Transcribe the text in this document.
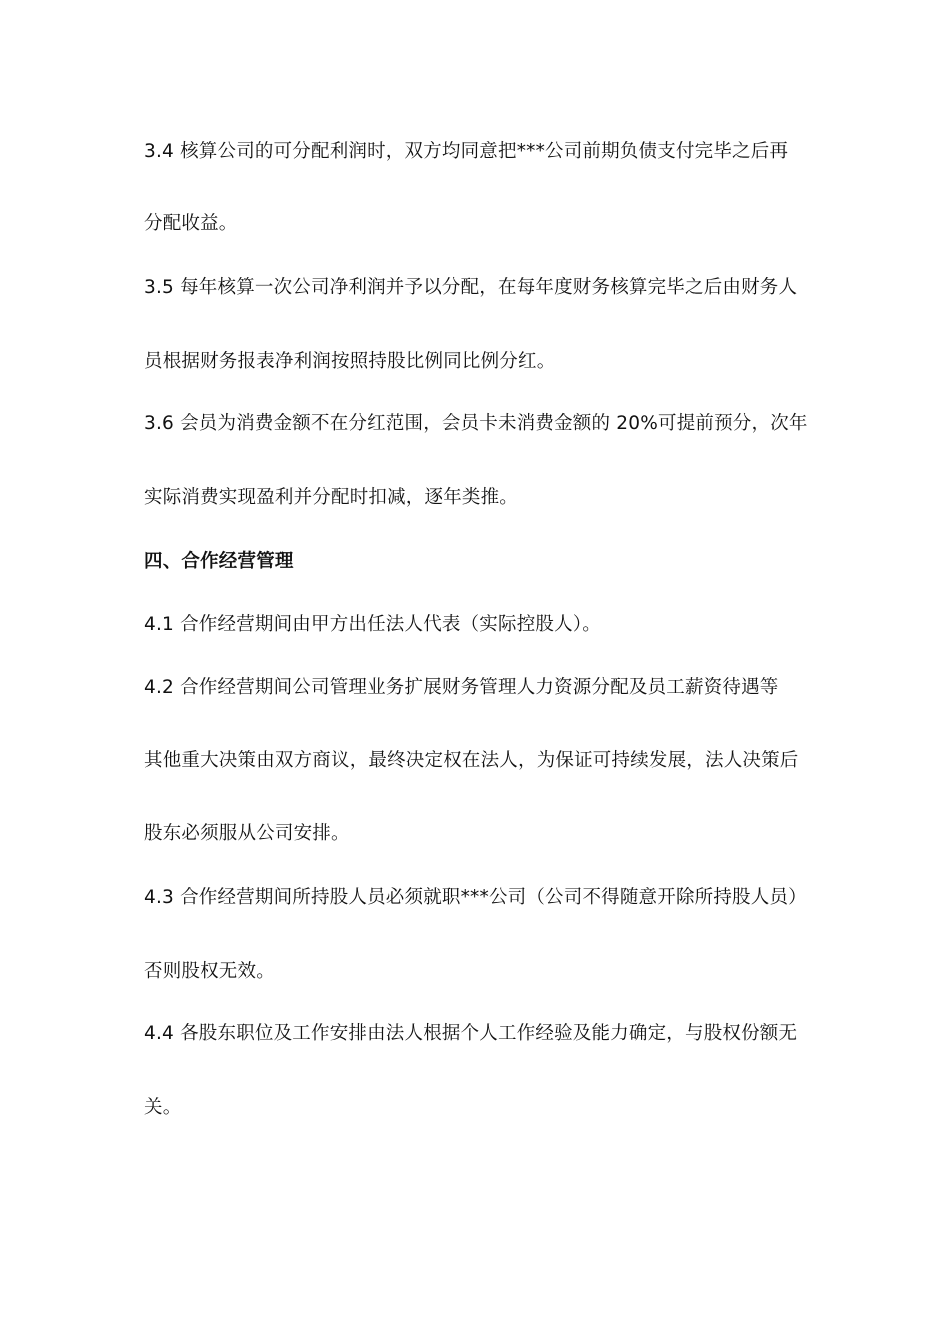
3.4 核算公司的可分配利润时，双方均同意把***公司前期负债支付完毕之后再
分配收益。
3.5 每年核算一次公司净利润并予以分配，在每年度财务核算完毕之后由财务人
员根据财务报表净利润按照持股比例同比例分红。
3.6 会员为消费金额不在分红范围，会员卡未消费金额的 20%可提前预分，次年
实际消费实现盈利并分配时扣减，逐年类推。
四、合作经营管理
4.1 合作经营期间由甲方出任法人代表（实际控股人）。
4.2 合作经营期间公司管理业务扩展财务管理人力资源分配及员工薪资待遇等
其他重大决策由双方商议，最终决定权在法人，为保证可持续发展，法人决策后
股东必须服从公司安排。
4.3 合作经营期间所持股人员必须就职***公司（公司不得随意开除所持股人员）
否则股权无效。
4.4 各股东职位及工作安排由法人根据个人工作经验及能力确定，与股权份额无
关。
